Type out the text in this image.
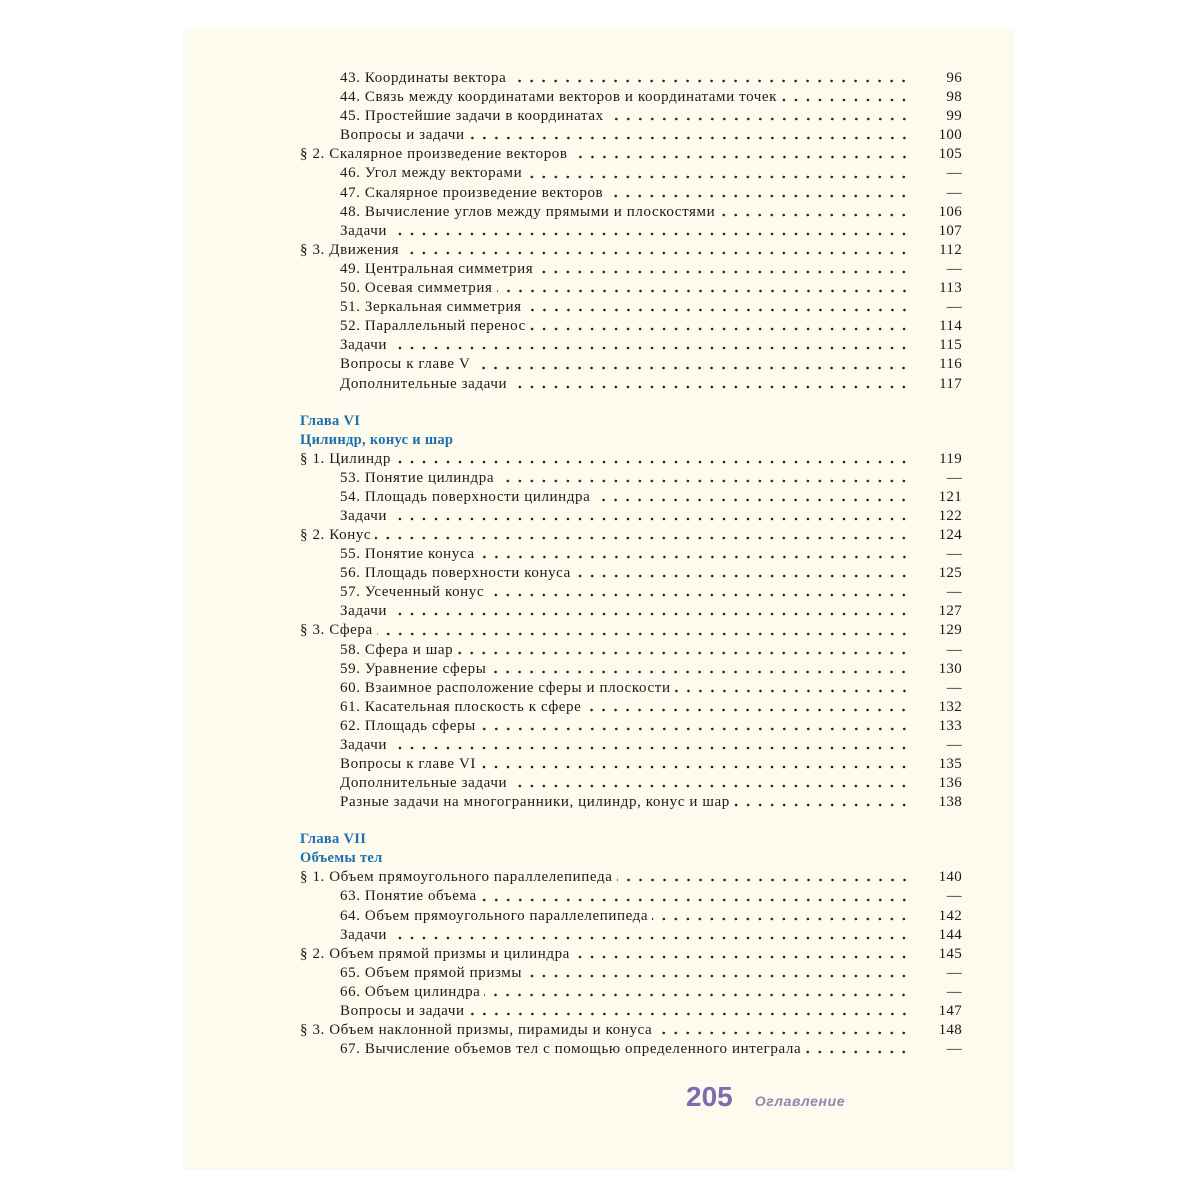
43. Координаты вектора	96
44. Связь между координатами векторов и координатами точек	98
45. Простейшие задачи в координатах	99
Вопросы и задачи	100
§ 2. Скалярное произведение векторов	105
46. Угол между векторами	—
47. Скалярное произведение векторов	—
48. Вычисление углов между прямыми и плоскостями	106
Задачи	107
§ 3. Движения	112
49. Центральная симметрия	—
50. Осевая симметрия	113
51. Зеркальная симметрия	—
52. Параллельный перенос	114
Задачи	115
Вопросы к главе V	116
Дополнительные задачи	117
Глава VI
Цилиндр, конус и шар
§ 1. Цилиндр	119
53. Понятие цилиндра	—
54. Площадь поверхности цилиндра	121
Задачи	122
§ 2. Конус	124
55. Понятие конуса	—
56. Площадь поверхности конуса	125
57. Усеченный конус	—
Задачи	127
§ 3. Сфера	129
58. Сфера и шар	—
59. Уравнение сферы	130
60. Взаимное расположение сферы и плоскости	—
61. Касательная плоскость к сфере	132
62. Площадь сферы	133
Задачи	—
Вопросы к главе VI	135
Дополнительные задачи	136
Разные задачи на многогранники, цилиндр, конус и шар	138
Глава VII
Объемы тел
§ 1. Объем прямоугольного параллелепипеда	140
63. Понятие объема	—
64. Объем прямоугольного параллелепипеда	142
Задачи	144
§ 2. Объем прямой призмы и цилиндра	145
65. Объем прямой призмы	—
66. Объем цилиндра	—
Вопросы и задачи	147
§ 3. Объем наклонной призмы, пирамиды и конуса	148
67. Вычисление объемов тел с помощью определенного интеграла	—
205 Оглавление
